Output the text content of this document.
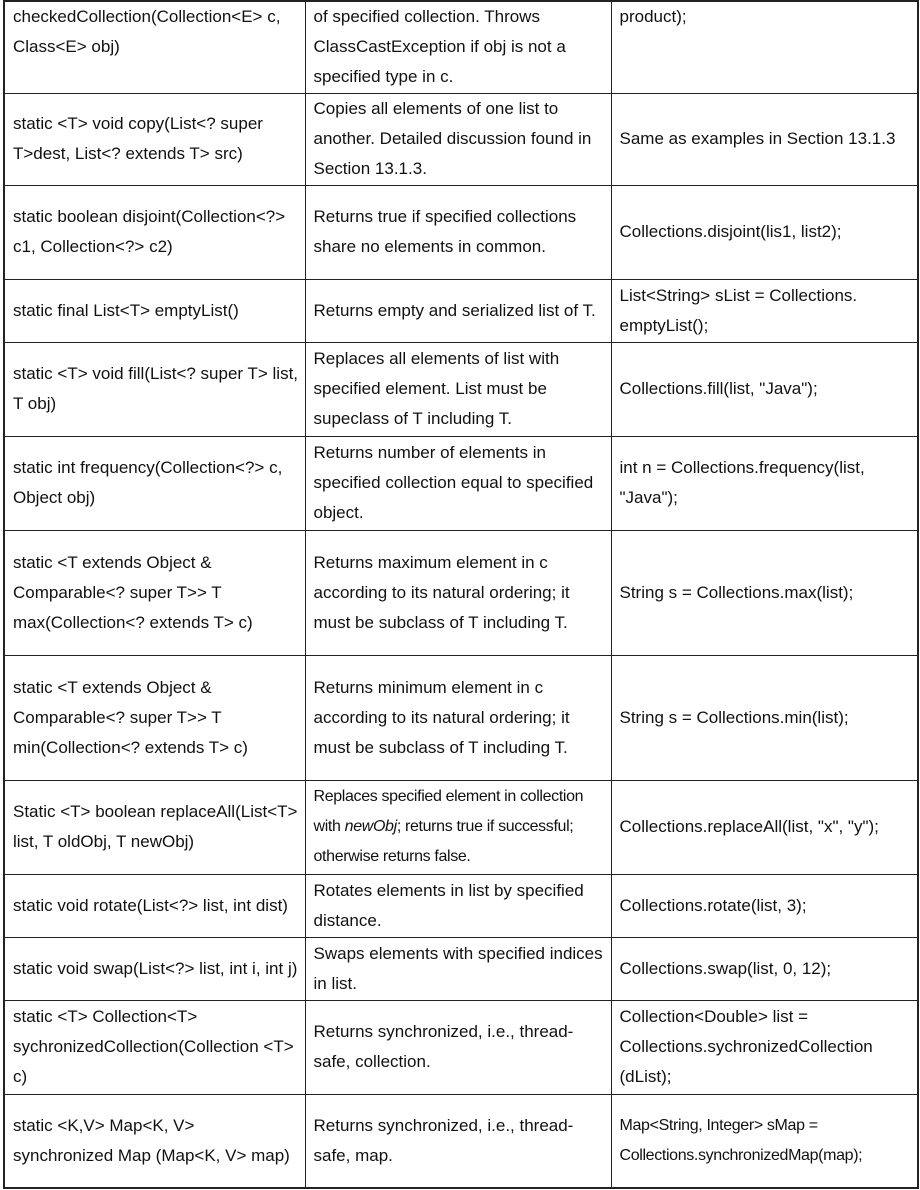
checkedCollection(Collection<E> c, Class<E> obj)	of specified collection. Throws ClassCastException if obj is not a specified type in c.	product);
static <T> void copy(List<? super T>dest, List<? extends T> src)	Copies all elements of one list to another. Detailed discussion found in Section 13.1.3.	Same as examples in Section 13.1.3
static boolean disjoint(Collection<?> c1, Collection<?> c2)	Returns true if specified collections share no elements in common.	Collections.disjoint(lis1, list2);
static final List<T> emptyList()	Returns empty and serialized list of T.	List<String> sList = Collections. emptyList();
static <T> void fill(List<? super T> list, T obj)	Replaces all elements of list with specified element. List must be supeclass of T including T.	Collections.fill(list, "Java");
static int frequency(Collection<?> c, Object obj)	Returns number of elements in specified collection equal to specified object.	int n = Collections.frequency(list, "Java");
static <T extends Object & Comparable<? super T>> T max(Collection<? extends T> c)	Returns maximum element in c according to its natural ordering; it must be subclass of T including T.	String s = Collections.max(list);
static <T extends Object & Comparable<? super T>> T min(Collection<? extends T> c)	Returns minimum element in c according to its natural ordering; it must be subclass of T including T.	String s = Collections.min(list);
Static <T> boolean replaceAll(List<T> list, T oldObj, T newObj)	Replaces specified element in collection with newObj; returns true if successful; otherwise returns false.	Collections.replaceAll(list, "x", "y");
static void rotate(List<?> list, int dist)	Rotates elements in list by specified distance.	Collections.rotate(list, 3);
static void swap(List<?> list, int i, int j)	Swaps elements with specified indices in list.	Collections.swap(list, 0, 12);
static <T> Collection<T> sychronizedCollection(Collection <T> c)	Returns synchronized, i.e., thread-safe, collection.	Collection<Double> list = Collections.sychronizedCollection (dList);
static <K,V> Map<K, V> synchronized Map (Map<K, V> map)	Returns synchronized, i.e., thread-safe, map.	Map<String, Integer> sMap = Collections.synchronizedMap(map);
